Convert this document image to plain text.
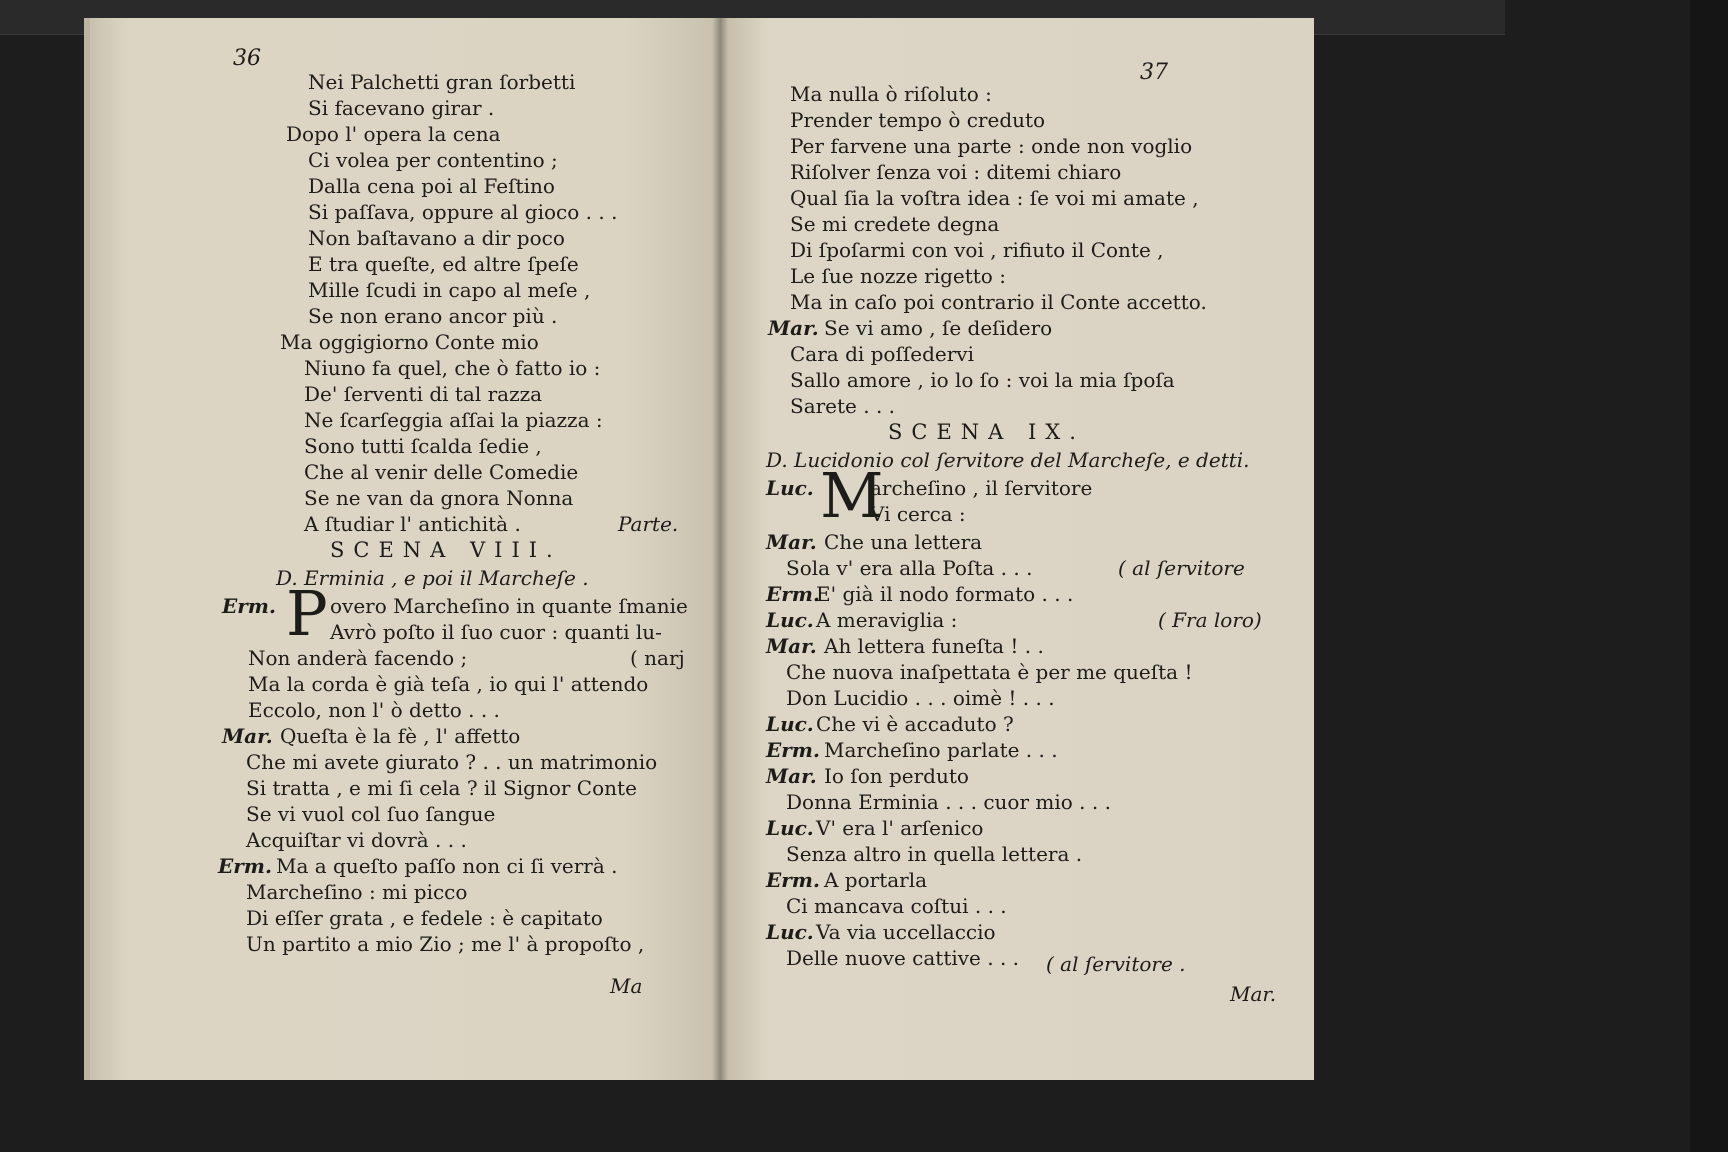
36
Nei Palchetti gran ſorbetti
Si facevano girar .
Dopo l' opera la cena
Ci volea per contentino ;
Dalla cena poi al Feſtino
Si paſſava, oppure al gioco . . .
Non baſtavano a dir poco
E tra queſte, ed altre ſpeſe
Mille ſcudi in capo al meſe ,
Se non erano ancor più .
Ma oggigiorno Conte mio
Niuno fa quel, che ò fatto io :
De' ſerventi di tal razza
Ne ſcarſeggia aſſai la piazza :
Sono tutti ſcalda ſedie ,
Che al venir delle Comedie
Se ne van da gnora Nonna
A ſtudiar l' antichità .	Parte.
SCENA VIII.
D. Erminia , e poi il Marcheſe .
Erm. P overo Marcheſino in quante ſmanie
Avrò poſto il ſuo cuor : quanti lu-
Non anderà facendo ;	( narj
Ma la corda è già teſa , io qui l' attendo
Eccolo, non l' ò detto . . .
Mar. Queſta è la fè , l' affetto
Che mi avete giurato ? . . un matrimonio
Si tratta , e mi ſi cela ? il Signor Conte
Se vi vuol col ſuo ſangue
Acquiſtar vi dovrà . . .
Erm. Ma a queſto paſſo non ci ſi verrà .
Marcheſino : mi picco
Di eſſer grata , e fedele : è capitato
Un partito a mio Zio ; me l' à propoſto ,
Ma
37
Ma nulla ò riſoluto :
Prender tempo ò creduto
Per farvene una parte : onde non voglio
Riſolver ſenza voi : ditemi chiaro
Qual ſia la voſtra idea : ſe voi mi amate ,
Se mi credete degna
Di ſpoſarmi con voi , rifiuto il Conte ,
Le ſue nozze rigetto :
Ma in caſo poi contrario il Conte accetto.
Mar. Se vi amo , ſe deſidero
Cara di poſſedervi
Sallo amore , io lo ſo : voi la mia ſpoſa
Sarete . . .
SCENA IX.
D. Lucidonio col ſervitore del Marcheſe, e detti.
Luc. M
archeſino , il ſervitore
Vi cerca :
Mar. Che una lettera
Sola v' era alla Poſta . . .	( al ſervitore
Erm.
E' già il nodo formato . . .
Luc. A meraviglia :	( Fra loro)
Mar. Ah lettera funeſta ! . .
Che nuova inaſpettata è per me queſta !
Don Lucidio . . . oimè ! . . .
Luc. Che vi è accaduto ?
Erm. Marcheſino parlate . . .
Mar. Io ſon perduto
Donna Erminia . . . cuor mio . . .
Luc. V' era l' arſenico
Senza altro in quella lettera .
Erm. A portarla
Ci mancava coſtui . . .
Luc. Va via uccellaccio
Delle nuove cattive . . . ( al ſervitore .
Mar.
